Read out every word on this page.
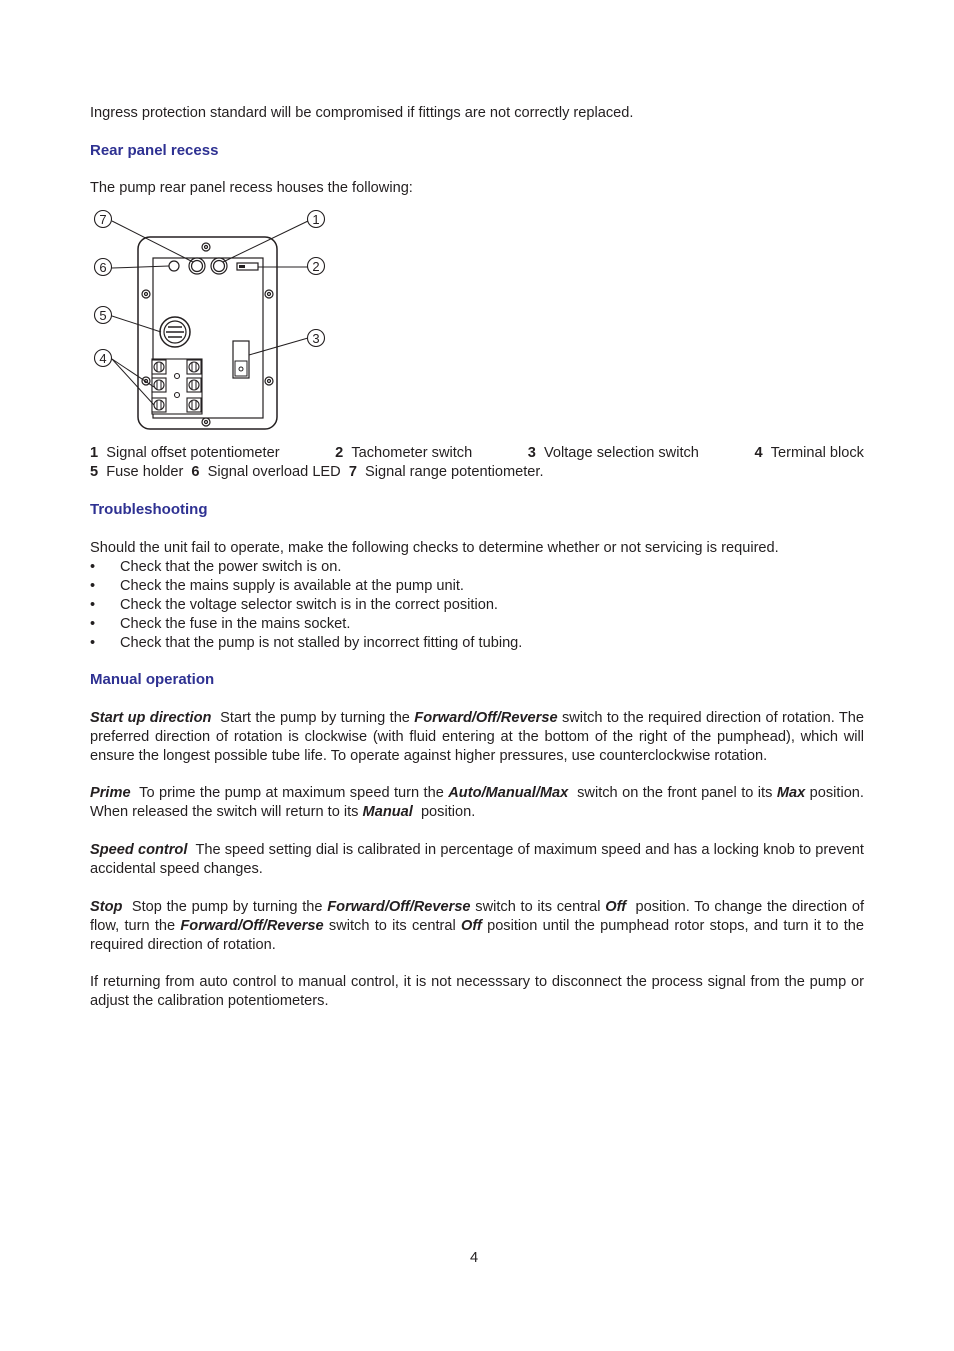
Ingress protection standard will be compromised if fittings are not correctly replaced.

Rear panel recess

The pump rear panel recess houses the following:

1
2
3
4
5
6
7
1 Signal offset potentiometer	2 Tachometer switch	3 Voltage selection switch	4 Terminal block
5 Fuse holder 6 Signal overload LED 7 Signal range potentiometer.
Troubleshooting

Should the unit fail to operate, make the following checks to determine whether or not servicing is required.

• Check that the power switch is on.
• Check the mains supply is available at the pump unit.
• Check the voltage selector switch is in the correct position.
• Check the fuse in the mains socket.
• Check that the pump is not stalled by incorrect fitting of tubing.
Manual operation

Start up direction Start the pump by turning the Forward/Off/Reverse switch to the required direction of rotation. The preferred direction of rotation is clockwise (with fluid entering at the bottom of the right of the pumphead), which will ensure the longest possible tube life. To operate against higher pressures, use counterclockwise rotation.

Prime To prime the pump at maximum speed turn the Auto/Manual/Max switch on the front panel to its Max position. When released the switch will return to its Manual position.

Speed control The speed setting dial is calibrated in percentage of maximum speed and has a locking knob to prevent accidental speed changes.

Stop Stop the pump by turning the Forward/Off/Reverse switch to its central Off position. To change the direction of flow, turn the Forward/Off/Reverse switch to its central Off position until the pumphead rotor stops, and turn it to the required direction of rotation.

If returning from auto control to manual control, it is not necesssary to disconnect the process signal from the pump or adjust the calibration potentiometers.

4
